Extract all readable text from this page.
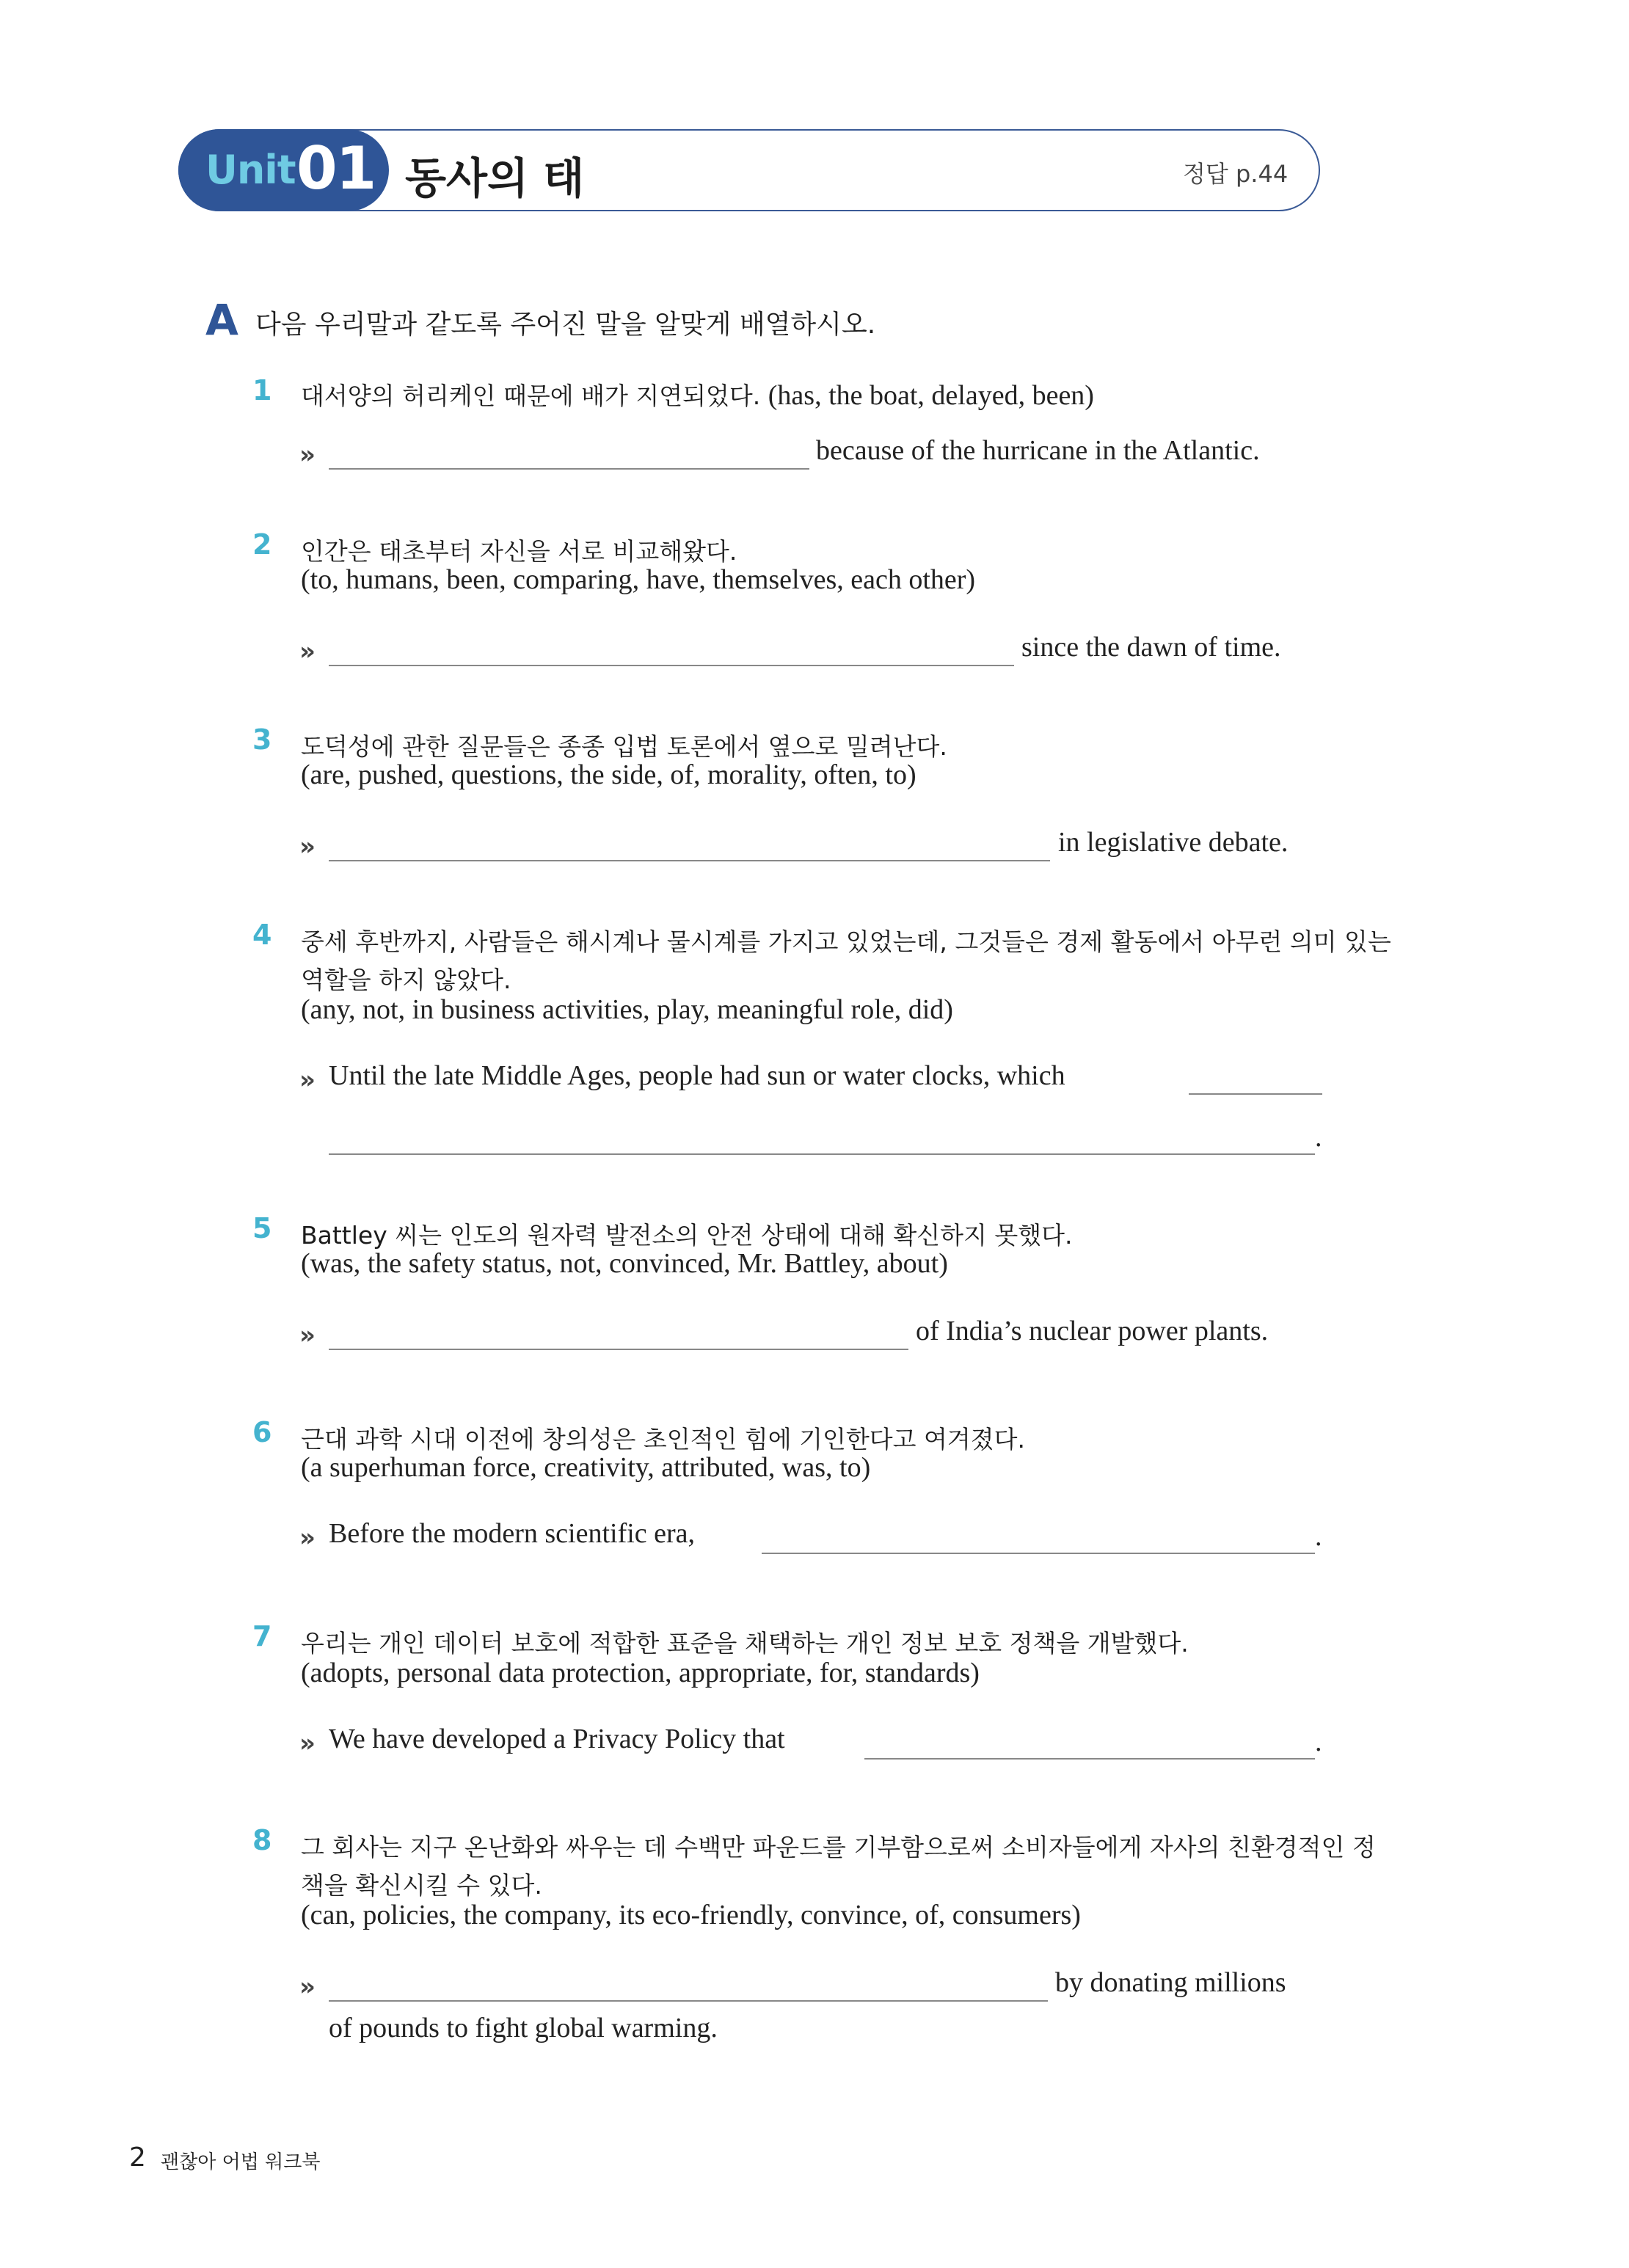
Unit 01 동사의 태	정답 p.44
A 다음 우리말과 같도록 주어진 말을 알맞게 배열하시오.
1 대서양의 허리케인 때문에 배가 지연되었다. (has, the boat, delayed, been)
»	because of the hurricane in the Atlantic.
2 인간은 태초부터 자신을 서로 비교해왔다.
(to, humans, been, comparing, have, themselves, each other)
»	since the dawn of time.
3 도덕성에 관한 질문들은 종종 입법 토론에서 옆으로 밀려난다.
(are, pushed, questions, the side, of, morality, often, to)
»	in legislative debate.
4 중세 후반까지, 사람들은 해시계나 물시계를 가지고 있었는데, 그것들은 경제 활동에서 아무런 의미 있는
역할을 하지 않았다.
(any, not, in business activities, play, meaningful role, did)
» Until the late Middle Ages, people had sun or water clocks, which
.
5 Battley 씨는 인도의 원자력 발전소의 안전 상태에 대해 확신하지 못했다.
(was, the safety status, not, convinced, Mr. Battley, about)
»	of India’s nuclear power plants.
6 근대 과학 시대 이전에 창의성은 초인적인 힘에 기인한다고 여겨졌다.
(a superhuman force, creativity, attributed, was, to)
» Before the modern scientific era,	.
7 우리는 개인 데이터 보호에 적합한 표준을 채택하는 개인 정보 보호 정책을 개발했다.
(adopts, personal data protection, appropriate, for, standards)
» We have developed a Privacy Policy that	.
8 그 회사는 지구 온난화와 싸우는 데 수백만 파운드를 기부함으로써 소비자들에게 자사의 친환경적인 정
책을 확신시킬 수 있다.
(can, policies, the company, its eco-friendly, convince, of, consumers)
»	by donating millions
of pounds to fight global warming.
2 괜찮아 어법 워크북
